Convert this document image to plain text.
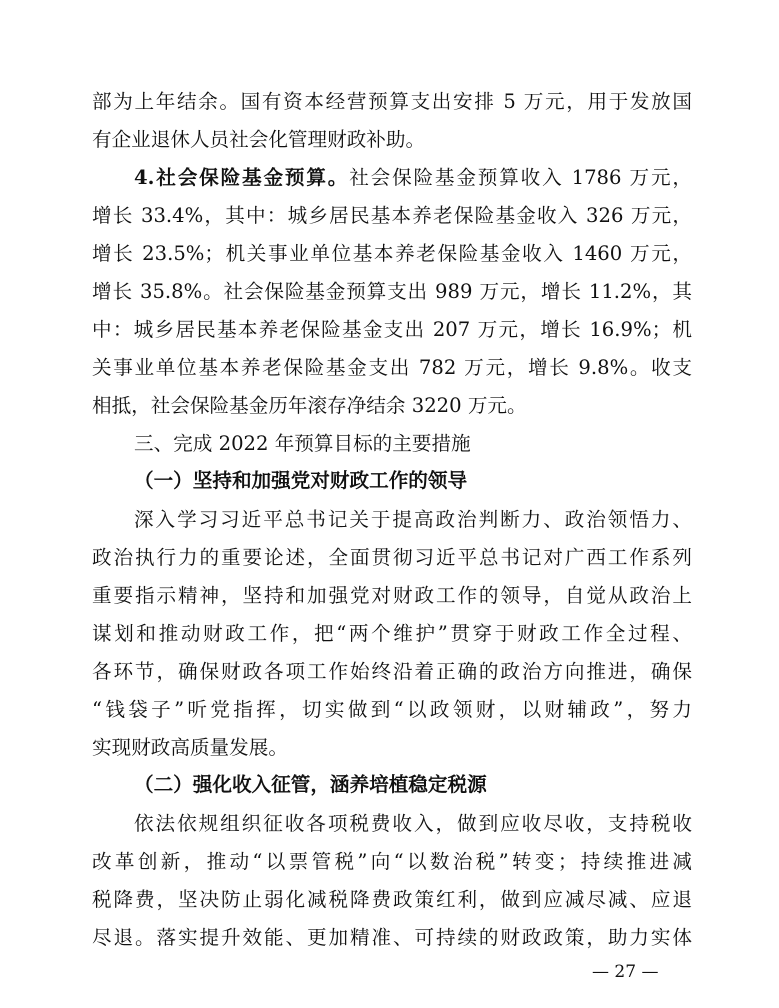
部为上年结余。国有资本经营预算支出安排 5 万元，用于发放国
有企业退休人员社会化管理财政补助。
4.社会保险基金预算。社会保险基金预算收入 1786 万元，
增长 33.4%，其中：城乡居民基本养老保险基金收入 326 万元，
增长 23.5%；机关事业单位基本养老保险基金收入 1460 万元，
增长 35.8%。社会保险基金预算支出 989 万元，增长 11.2%，其
中：城乡居民基本养老保险基金支出 207 万元，增长 16.9%；机
关事业单位基本养老保险基金支出 782 万元，增长 9.8%。收支
相抵，社会保险基金历年滚存净结余 3220 万元。
三、完成 2022 年预算目标的主要措施
（一）坚持和加强党对财政工作的领导
深入学习习近平总书记关于提高政治判断力、政治领悟力、
政治执行力的重要论述，全面贯彻习近平总书记对广西工作系列
重要指示精神，坚持和加强党对财政工作的领导，自觉从政治上
谋划和推动财政工作，把“两个维护”贯穿于财政工作全过程、
各环节，确保财政各项工作始终沿着正确的政治方向推进，确保
“钱袋子”听党指挥，切实做到“以政领财，以财辅政”，努力
实现财政高质量发展。
（二）强化收入征管，涵养培植稳定税源
依法依规组织征收各项税费收入，做到应收尽收，支持税收
改革创新，推动“以票管税”向“以数治税”转变；持续推进减
税降费，坚决防止弱化减税降费政策红利，做到应减尽减、应退
尽退。落实提升效能、更加精准、可持续的财政政策，助力实体
— 27 —
